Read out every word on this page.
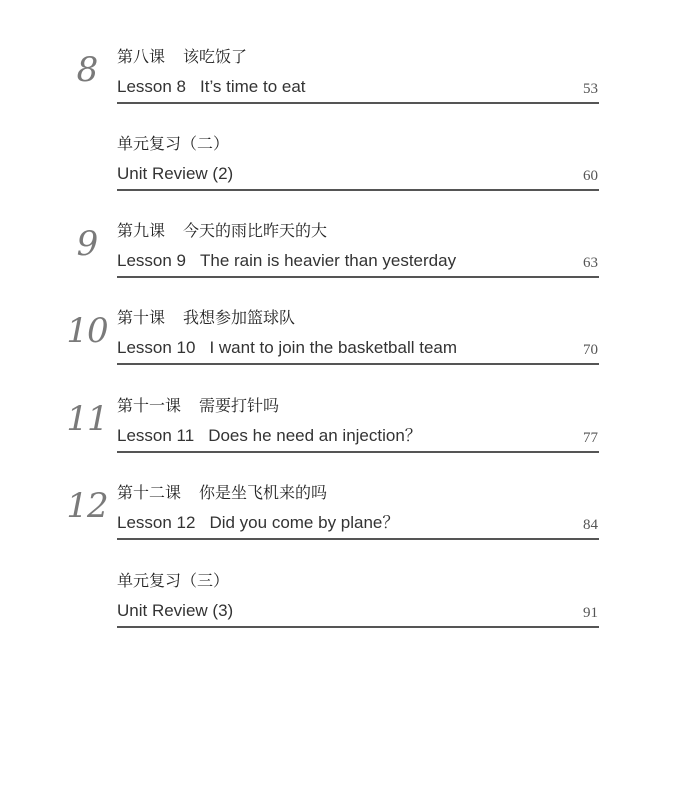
8	第八课 该吃饭了
Lesson 8 It’s time to eat	53
单元复习（二）
Unit Review (2)	60
9	第九课 今天的雨比昨天的大
Lesson 9 The rain is heavier than yesterday	63
10 第十课 我想参加篮球队
Lesson 10 I want to join the basketball team	70
11 第十一课 需要打针吗
Lesson 11 Does he need an injection？	77
12 第十二课 你是坐飞机来的吗
Lesson 12 Did you come by plane？	84
单元复习（三）
Unit Review (3)	91
